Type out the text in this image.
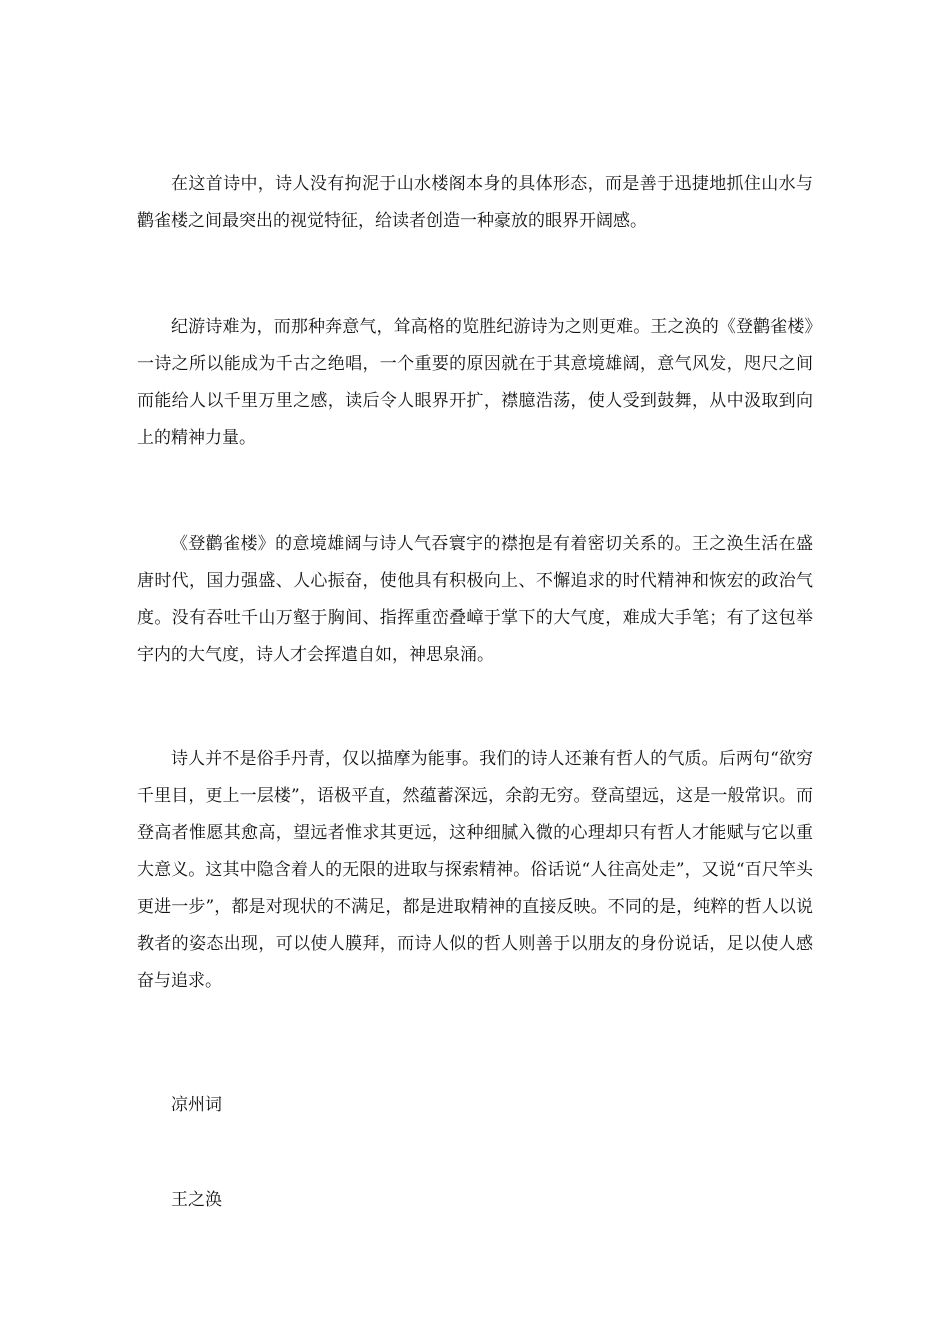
在这首诗中，诗人没有拘泥于山水楼阁本身的具体形态，而是善于迅捷地抓住山水与鹳雀楼之间最突出的视觉特征，给读者创造一种豪放的眼界开阔感。

纪游诗难为，而那种奔意气，耸高格的览胜纪游诗为之则更难。王之涣的《登鹳雀楼》一诗之所以能成为千古之绝唱，一个重要的原因就在于其意境雄阔，意气风发，咫尺之间而能给人以千里万里之感，读后令人眼界开扩，襟臆浩荡，使人受到鼓舞，从中汲取到向上的精神力量。

《登鹳雀楼》的意境雄阔与诗人气吞寰宇的襟抱是有着密切关系的。王之涣生活在盛唐时代，国力强盛、人心振奋，使他具有积极向上、不懈追求的时代精神和恢宏的政治气度。没有吞吐千山万壑于胸间、指挥重峦叠嶂于掌下的大气度，难成大手笔；有了这包举宇内的大气度，诗人才会挥遣自如，神思泉涌。

诗人并不是俗手丹青，仅以描摩为能事。我们的诗人还兼有哲人的气质。后两句“欲穷千里目，更上一层楼”，语极平直，然蕴蓄深远，余韵无穷。登高望远，这是一般常识。而登高者惟愿其愈高，望远者惟求其更远，这种细腻入微的心理却只有哲人才能赋与它以重大意义。这其中隐含着人的无限的进取与探索精神。俗话说“人往高处走”，又说“百尺竿头更进一步”，都是对现状的不满足，都是进取精神的直接反映。不同的是，纯粹的哲人以说教者的姿态出现，可以使人膜拜，而诗人似的哲人则善于以朋友的身份说话，足以使人感奋与追求。

凉州词

王之涣
